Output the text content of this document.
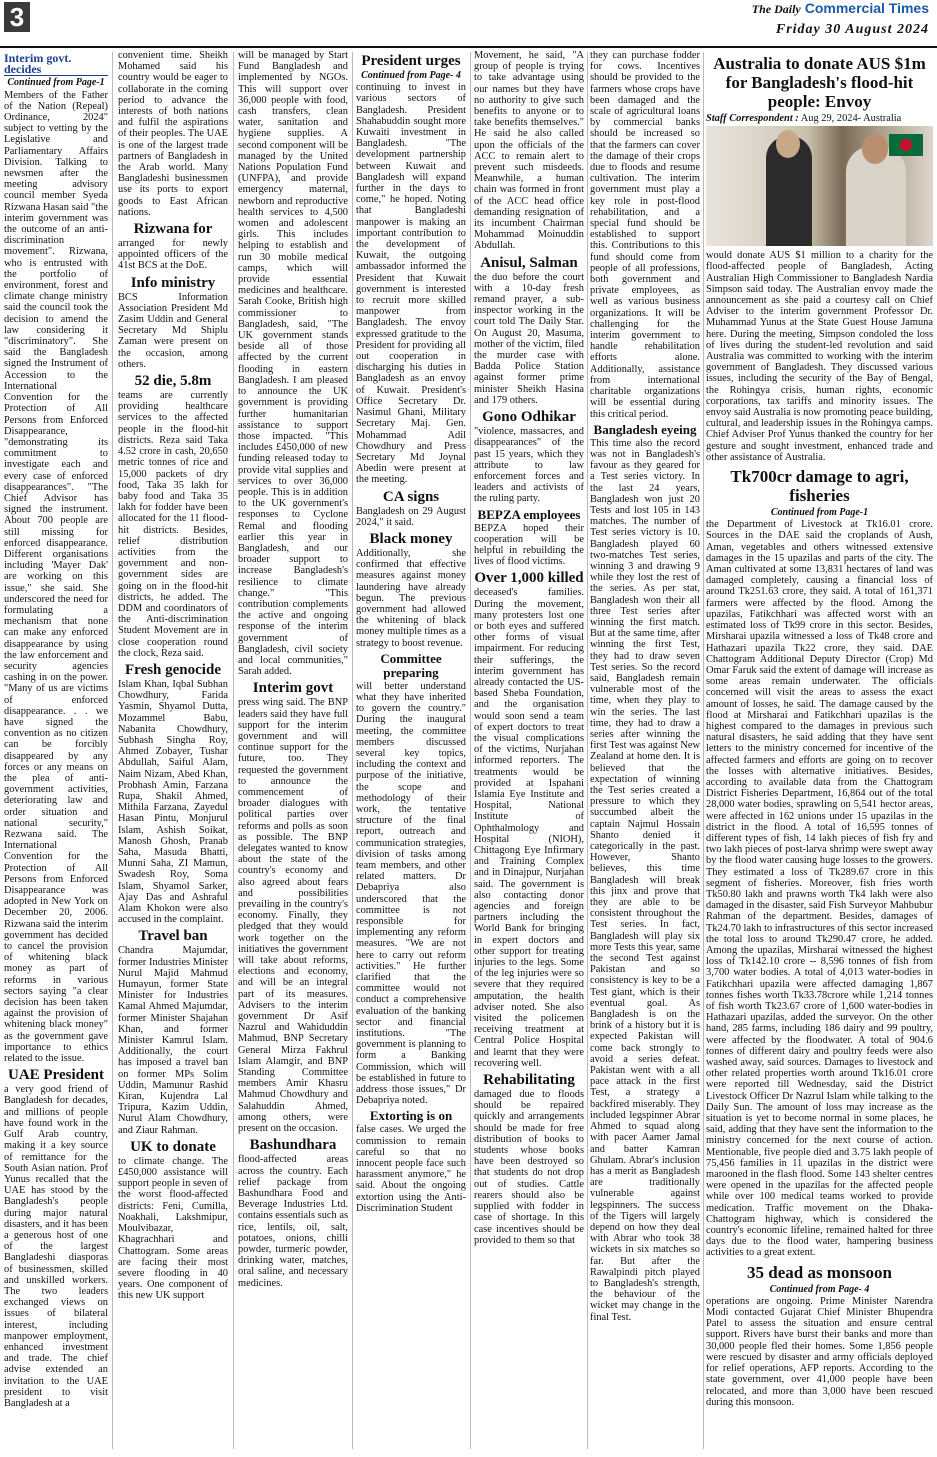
3	The Daily Commercial Times
Friday 30 August 2024
Interim govt. decides
Continued from Page-1

Members of the Father of the Nation (Repeal) Ordinance, 2024" subject to vetting by the Legislative and Parliamentary Affairs Division. Talking to newsmen after the meeting advisory council member Syeda Rizwana Hasan said "the interim government was the outcome of an anti-discrimination movement". Rizwana, who is entrusted with the portfolio of environment, forest and climate change ministry said the council took the decision to amend the law considering it "discriminatory". She said the Bangladesh signed the Instrument of Accession to the International Convention for the Protection of All Persons from Enforced Disappearance, "demonstrating its commitment to investigate each and every case of enforced disappearances". "The Chief Advisor has signed the instrument. About 700 people are still missing for enforced disappearance. Different organisations including 'Mayer Dak' are working on this issue," she said. She underscored the need for formulating a mechanism that none can make any enforced disappearance by using the law enforcement and security agencies cashing in on the power. "Many of us are victims of enforced disappearance. . . we have signed the convention as no citizen can be forcibly disappeared by any forces or any means on the plea of anti-government activities, deteriorating law and order situation and national security," Rezwana said. The International Convention for the Protection of All Persons from Enforced Disappearance was adopted in New York on December 20, 2006. Rizwana said the interim government has decided to cancel the provision of whitening black money as part of reforms in various sectors saying "a clear decision has been taken against the provision of whitening black money" as the government gave importance to ethics related to the issue.

UAE President

a very good friend of Bangladesh for decades, and millions of people have found work in the Gulf Arab country, making it a key source of remittance for the South Asian nation. Prof Yunus recalled that the UAE has stood by the Bangladesh's people during major natural disasters, and it has been a generous host of one of the largest Bangladeshi diasporas of businessmen, skilled and unskilled workers. The two leaders exchanged views on issues of bilateral interest, including manpower employment, enhanced investment and trade. The chief advise extended an invitation to the UAE president to visit Bangladesh at a

convenient time. Sheikh Mohamed said his country would be eager to collaborate in the coming period to advance the interests of both nations and fulfil the aspirations of their peoples. The UAE is one of the largest trade partners of Bangladesh in the Arab world. Many Bangladeshi businessmen use its ports to export goods to East African nations.

Rizwana for

arranged for newly appointed officers of the 41st BCS at the DoE.

Info ministry

BCS Information Association President Md Zasim Uddin and General Secretary Md Shiplu Zaman were present on the occasion, among others.

52 die, 5.8m

teams are currently providing healthcare services to the affected people in the flood-hit districts. Reza said Taka 4.52 crore in cash, 20,650 metric tonnes of rice and 15,000 packets of dry food, Taka 35 lakh for baby food and Taka 35 lakh for fodder have been allocated for the 11 flood-hit districts. Besides, relief distribution activities from the government and non-government sides are going on in the flood-hit districts, he added. The DDM and coordinators of the Anti-discrimination Student Movement are in close cooperation round the clock, Reza said.

Fresh genocide

Islam Khan, Iqbal Subhan Chowdhury, Farida Yasmin, Shyamol Dutta, Mozammel Babu, Nabanita Chowdhury, Subhash Singha Roy, Ahmed Zobayer, Tushar Abdullah, Saiful Alam, Naim Nizam, Abed Khan, Probhash Amin, Farzana Rupa, Shakil Ahmed, Mithila Farzana, Zayedul Hasan Pintu, Monjurul Islam, Ashish Soikat, Manosh Ghosh, Pranab Saha, Masuda Bhatti, Munni Saha, ZI Mamun, Swadesh Roy, Soma Islam, Shyamol Sarker, Ajay Das and Ashraful Alam Khokon were also accused in the complaint.

Travel ban

Chandra Majumdar, former Industries Minister Nurul Majid Mahmud Humayun, former State Minister for Industries Kamal Ahmed Majumdar, former Minister Shajahan Khan, and former Minister Kamrul Islam. Additionally, the court has imposed a travel ban on former MPs Solim Uddin, Mamunur Rashid Kiran, Kujendra Lal Tripura, Kazim Uddin, Nurul Alam Chowdhury, and Ziaur Rahman.

UK to donate

to climate change. The £450,000 assistance will support people in seven of the worst flood-affected districts: Feni, Cumilla, Noakhali, Lakshmipur, Moulvibazar, Khagrachhari and Chattogram. Some areas are facing their most severe flooding in 40 years. One component of this new UK support

will be managed by Start Fund Bangladesh and implemented by NGOs. This will support over 36,000 people with food, cash transfers, clean water, sanitation and hygiene supplies. A second component will be managed by the United Nations Population Fund (UNFPA), and provide emergency maternal, newborn and reproductive health services to 4,500 women and adolescent girls. This includes helping to establish and run 30 mobile medical camps, which will provide essential medicines and healthcare. Sarah Cooke, British high commissioner to Bangladesh, said, "The UK government stands beside all of those affected by the current flooding in eastern Bangladesh. I am pleased to announce the UK government is providing further humanitarian assistance to support those impacted. "This includes £450,000 of new funding released today to provide vital supplies and services to over 36,000 people. This is in addition to the UK government's responses to Cyclone Remal and flooding earlier this year in Bangladesh, and our broader support to increase Bangladesh's resilience to climate change." "This contribution complements the active and ongoing response of the interim government of Bangladesh, civil society and local communities," Sarah added.

Interim govt

press wing said. The BNP leaders said they have full support for the interim government and will continue support for the future, too. They requested the government to announce the commencement of broader dialogues with political parties over reforms and polls as soon as possible. The BNP delegates wanted to know about the state of the country's economy and also agreed about fears and possibilities prevailing in the country's economy. Finally, they pledged that they would work together on the initiatives the government will take about reforms, elections and economy, and will be an integral part of its measures. Advisers to the interim government Dr Asif Nazrul and Wahiduddin Mahmud, BNP Secretary General Mirza Fakhrul Islam Alamgir, and BNP Standing Committee members Amir Khasru Mahmud Chowdhury and Salahuddin Ahmed, among others, were present on the occasion.

Bashundhara

flood-affected areas across the country. Each relief package from Bashundhara Food and Beverage Industries Ltd. contains essentials such as rice, lentils, oil, salt, potatoes, onions, chilli powder, turmeric powder, drinking water, matches, oral saline, and necessary medicines.

President urges
Continued from Page- 4

continuing to invest in various sectors of Bangladesh. President Shahabuddin sought more Kuwaiti investment in Bangladesh. "The development partnership between Kuwait and Bangladesh will expand further in the days to come," he hoped. Noting that Bangladeshi manpower is making an important contribution to the development of Kuwait, the outgoing ambassador informed the President that Kuwait government is interested to recruit more skilled manpower from Bangladesh. The envoy expressed gratitude to the President for providing all out cooperation in discharging his duties in Bangladesh as an envoy of Kuwait. President's Office Secretary Dr. Nasimul Ghani, Military Secretary Maj. Gen. Mohammad Adil Chowdhury and Press Secretary Md Joynal Abedin were present at the meeting.

CA signs

Bangladesh on 29 August 2024," it said.

Black money

Additionally, she confirmed that effective measures against money laundering have already begun. The previous government had allowed the whitening of black money multiple times as a strategy to boost revenue.

Committee preparing

will better understand what they have inherited to govern the country." During the inaugural meeting, the committee members discussed several key topics, including the context and purpose of the initiative, the scope and methodology of their work, the tentative structure of the final report, outreach and communication strategies, division of tasks among team members, and other related matters. Dr Debapriya also underscored that the committee is not responsible for implementing any reform measures. "We are not here to carry out reform activities." He further clarified that the committee would not conduct a comprehensive evaluation of the banking sector and financial institutions. "The government is planning to form a Banking Commission, which will be established in future to address those issues," Dr Debapriya noted.

Extorting is on

false cases. We urged the commission to remain careful so that no innocent people face such harassment anymore," he said. About the ongoing extortion using the Anti-Discrimination Student

Movement, he said, "A group of people is trying to take advantage using our names but they have no authority to give such benefits to anyone or to take benefits themselves." He said he also called upon the officials of the ACC to remain alert to prevent such misdeeds. Meanwhile, a human chain was formed in front of the ACC head office demanding resignation of its incumbent Chairman Mohammad Moinuddin Abdullah.

Anisul, Salman

the duo before the court with a 10-day fresh remand prayer, a sub-inspector working in the court told The Daily Star. On August 20, Masuma, mother of the victim, filed the murder case with Badda Police Station against former prime minister Sheikh Hasina and 179 others.

Gono Odhikar

"violence, massacres, and disappearances" of the past 15 years, which they attribute to law enforcement forces and leaders and activists of the ruling party.

BEPZA employees

BEPZA hoped their cooperation will be helpful in rebuilding the lives of flood victims.

Over 1,000 killed

deceased's families. During the movement, many protesters lost one or both eyes and suffered other forms of visual impairment. For reducing their sufferings, the interim government has already contacted the US-based Sheba Foundation, and the organisation would soon send a team of expert doctors to treat the visual complications of the victims, Nurjahan informed reporters. The treatments would be provided at Ispahani Islamia Eye Institute and Hospital, National Institute of Ophthalmology and Hospital (NIOH), Chittagong Eye Infirmary and Training Complex and in Dinajpur, Nurjahan said. The government is also contacting donor agencies and foreign partners including the World Bank for bringing in expert doctors and other support for treating injuries to the legs. Some of the leg injuries were so severe that they required amputation, the health adviser noted. She also visited the policemen receiving treatment at Central Police Hospital and learnt that they were recovering well.

Rehabilitating

damaged due to floods should be repaired quickly and arrangements should be made for free distribution of books to students whose books have been destroyed so that students do not drop out of studies. Cattle rearers should also be supplied with fodder in case of shortage. In this case incentives should be provided to them so that

they can purchase fodder for cows. Incentives should be provided to the farmers whose crops have been damaged and the scale of agricultural loans by commercial banks should be increased so that the farmers can cover the damage of their crops due to floods and resume cultivation. The interim government must play a key role in post-flood rehabilitation, and a special fund should be established to support this. Contributions to this fund should come from people of all professions, both government and private employees, as well as various business organizations. It will be challenging for the interim government to handle rehabilitation efforts alone. Additionally, assistance from international charitable organizations will be essential during this critical period.

Bangladesh eyeing

This time also the record was not in Bangladesh's favour as they geared for a Test series victory. In the last 24 years, Bangladesh won just 20 Tests and lost 105 in 143 matches. The number of Test series victory is 10. Bangladesh played 60 two-matches Test series, winning 3 and drawing 9 while they lost the rest of the series. As per stat, Bangladesh won their all three Test series after winning the first match. But at the same time, after winning the first Test, they had to draw seven Test series. So the record said, Bangladesh remain vulnerable most of the time, when they play to win the series. The last time, they had to draw a series after winning the first Test was against New Zealand at home den. It is believed that the expectation of winning the Test series created a pressure to which they succumbed albeit the captain Najmul Hossain Shanto denied it categorically in the past. However, Shanto believes, this time Bangladesh will break this jinx and prove that they are able to be consistent throughout the Test series. In fact, Bangladesh will play six more Tests this year, same the second Test against Pakistan and so consistency is key to be a Test giant, which is their eventual goal. As Bangladesh is on the brink of a history but it is expected Pakistan will come back strongly to avoid a series defeat. Pakistan went with a all pace attack in the first Test, a strategy a backfired miserably. They included legspinner Abrar Ahmed to squad along with pacer Aamer Jamal and batter Kamran Ghulam. Abrar's inclusion has a merit as Bangladesh are traditionally vulnerable against legspinners. The success of the Tigers will largely depend on how they deal with Abrar who took 38 wickets in six matches so far. But after the Rawalpindi pitch played to Bangladesh's strength, the behaviour of the wicket may change in the final Test.

Australia to donate AUS $1m for Bangladesh's flood-hit people: Envoy

Staff Correspondent : Aug 29, 2024- Australia

would donate AUS $1 million to a charity for the flood-affected people of Bangladesh, Acting Australian High Commissioner to Bangladesh Nardia Simpson said today. The Australian envoy made the announcement as she paid a courtesy call on Chief Adviser to the interim government Professor Dr. Muhammad Yunus at the State Guest House Jamuna here. During the meeting, Simpson condoled the loss of lives during the student-led revolution and said Australia was committed to working with the interim government of Bangladesh. They discussed various issues, including the security of the Bay of Bengal, the Rohingya crisis, human rights, economic corporations, tax tariffs and minority issues. The envoy said Australia is now promoting peace building, cultural, and leadership issues in the Rohingya camps. Chief Adviser Prof Yunus thanked the country for her gesture and sought investment, enhanced trade and other assistance of Australia.

Tk700cr damage to agri, fisheries
Continued from Page-1

the Department of Livestock at Tk16.01 crore. Sources in the DAE said the croplands of Aush, Aman, vegetables and others witnessed extensive damages in the 15 upazilas and parts of the city. The Aman cultivated at some 13,831 hectares of land was damaged completely, causing a financial loss of around Tk251.63 crore, they said. A total of 161,371 farmers were affected by the flood. Among the upazilas, Fatikchhari was affected worst with an estimated loss of Tk99 crore in this sector. Besides, Mirsharai upazila witnessed a loss of Tk48 crore and Hathazari upazila Tk22 crore, they said. DAE Chattogram Additional Deputy Director (Crop) Md Omar Faruk said the extent of damage will increase as some areas remain underwater. The officials concerned will visit the areas to assess the exact amount of losses, he said. The damage caused by the flood at Mirsharai and Fatikchhari upazilas is the highest compared to the damages in previous such natural disasters, he said adding that they have sent letters to the ministry concerned for incentive of the affected farmers and efforts are going on to recover the losses with alternative initiatives. Besides, according to available data from the Chattogram District Fisheries Department, 16,864 out of the total 28,000 water bodies, sprawling on 5,541 hector areas, were affected in 162 unions under 15 upazilas in the district in the flood. A total of 16,595 tonnes of different types of fish, 14 lakh pieces of fish fry and two lakh pieces of post-larva shrimp were swept away by the flood water causing huge losses to the growers. They estimated a loss of Tk289.67 crore in this segment of fisheries. Moreover, fish fries worth Tk50.80 lakh and prawns worth Tk4 lakh were also damaged in the disaster, said Fish Surveyor Mahbubur Rahman of the department. Besides, damages of Tk24.70 lakh to infrastructures of this sector increased the total loss to around Tk290.47 crore, he added. Among the upazilas, Mirsharai witnessed the highest loss of Tk142.10 crore -- 8,596 tonnes of fish from 3,700 water bodies. A total of 4,013 water-bodies in Fatikchhari upazila were affected damaging 1,867 tonnes fishes worth Tk33.78crore while 1,214 tonnes of fish worth Tk23.67 crore of 1,600 water-bodies in Hathazari upazilas, added the surveyor. On the other hand, 285 farms, including 186 dairy and 99 poultry, were affected by the floodwater. A total of 904.6 tonnes of different dairy and poultry feeds were also washed away, said sources. Damages to livestock and other related properties worth around Tk16.01 crore were reported till Wednesday, said the District Livestock Officer Dr Nazrul Islam while talking to the Daily Sun. The amount of loss may increase as the situation is yet to become normal in some places, he said, adding that they have sent the information to the ministry concerned for the next course of action. Mentionable, five people died and 3.75 lakh people of 75,456 families in 11 upazilas in the district were marooned in the flash flood. Some 143 shelter centres were opened in the upazilas for the affected people while over 100 medical teams worked to provide medication. Traffic movement on the Dhaka-Chattogram highway, which is considered the country's economic lifeline, remained halted for three days due to the flood water, hampering business activities to a great extent.

35 dead as monsoon
Continued from Page- 4

operations are ongoing. Prime Minister Narendra Modi contacted Gujarat Chief Minister Bhupendra Patel to assess the situation and ensure central support. Rivers have burst their banks and more than 30,000 people fled their homes. Some 1,856 people were rescued by disaster and army officials deployed for relief operations, AFP reports. According to the state government, over 41,000 people have been relocated, and more than 3,000 have been rescued during this monsoon.
